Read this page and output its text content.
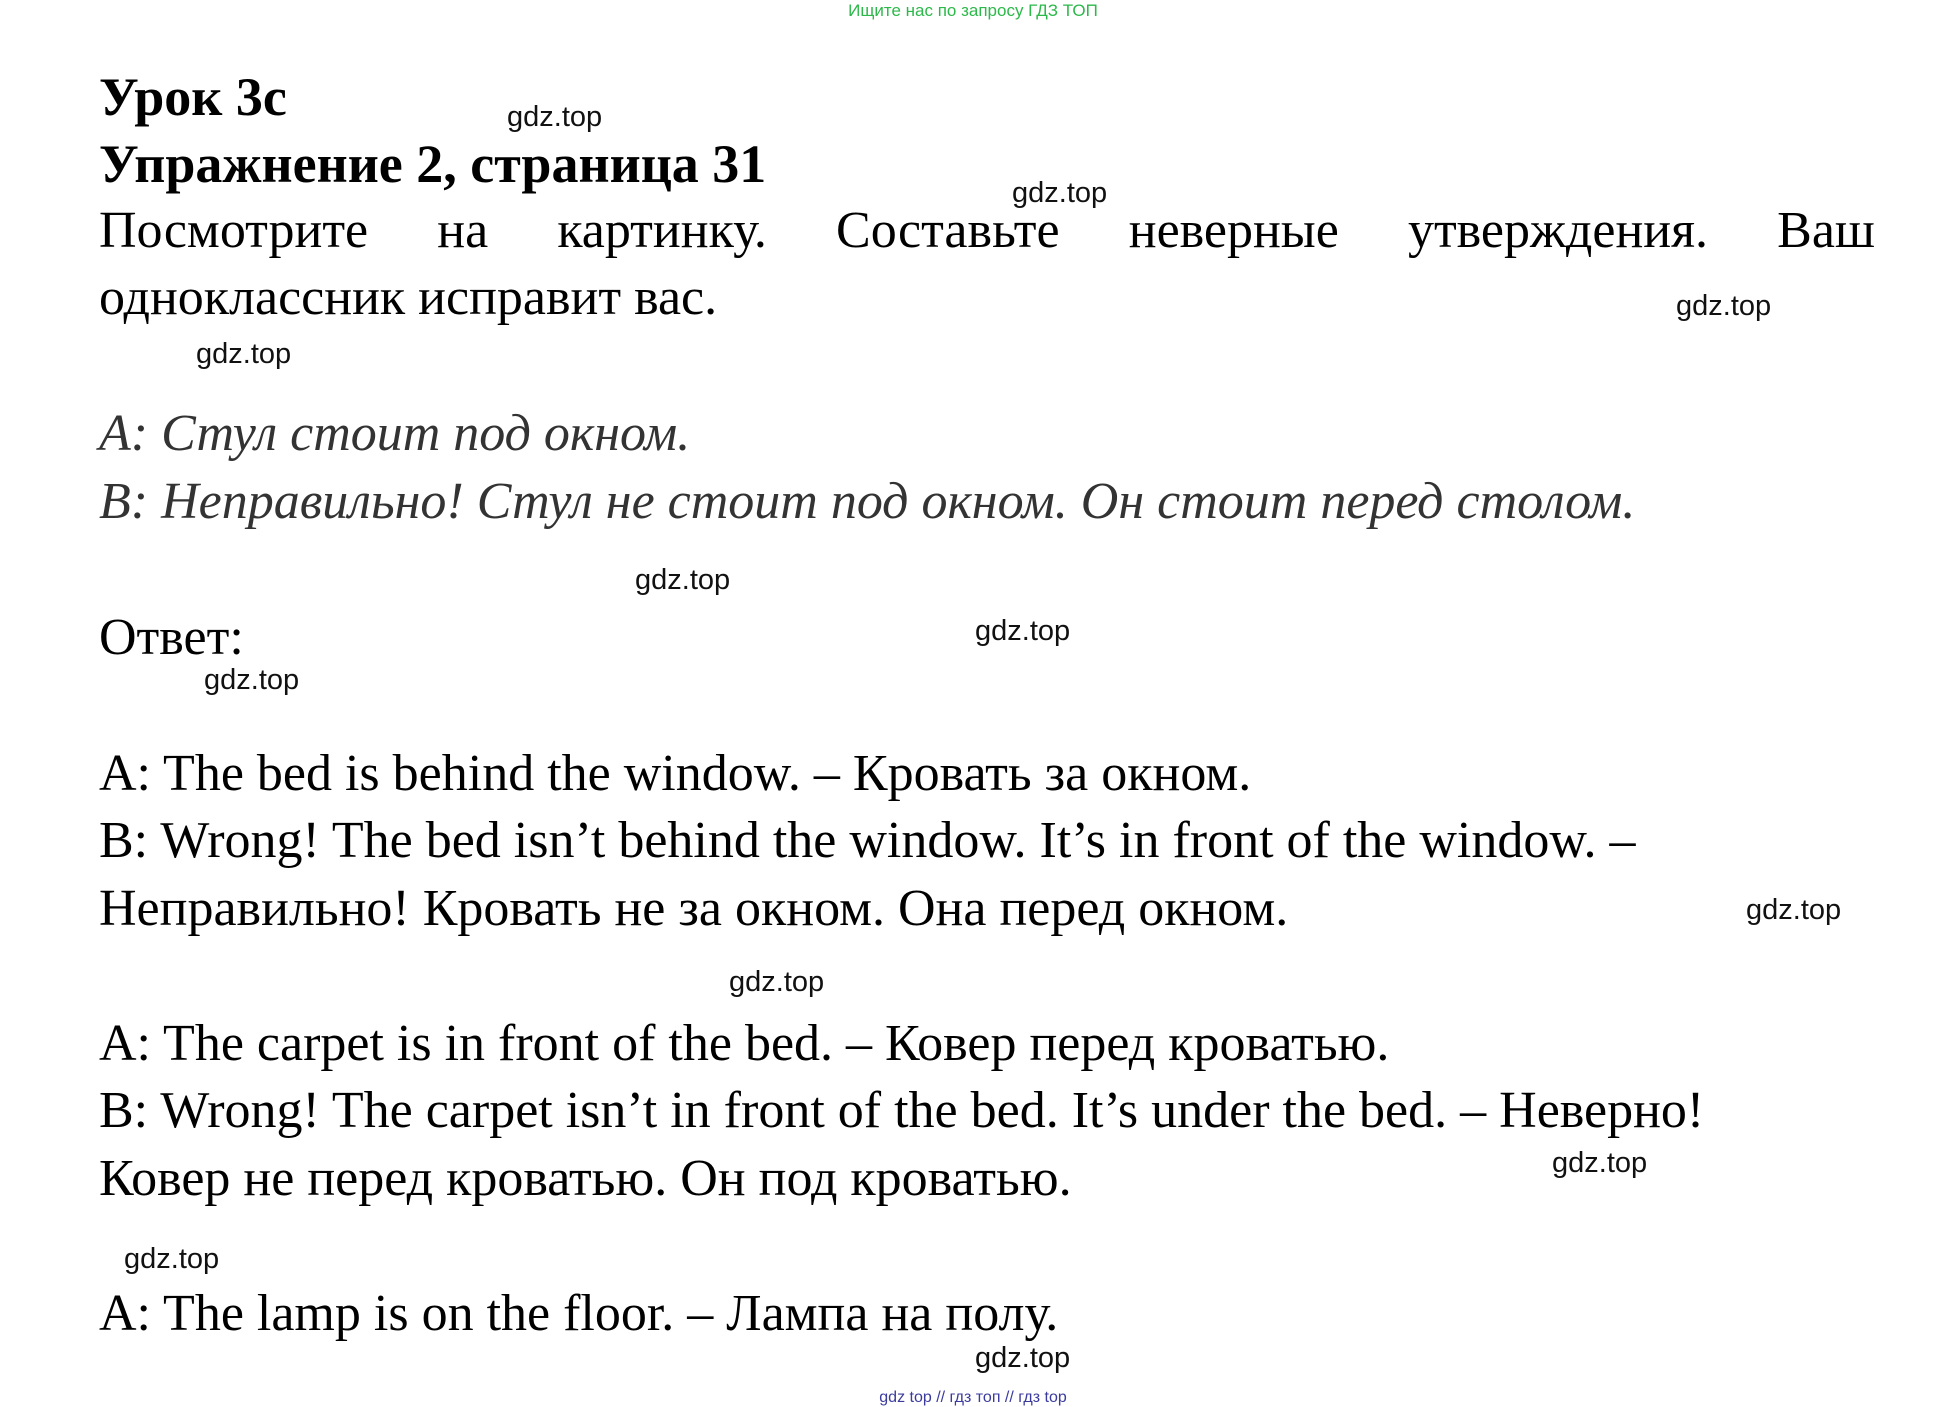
Ищите нас по запросу ГДЗ ТОП
Урок 3c
Упражнение 2, страница 31
Посмотрите на картинку. Составьте неверные утверждения. Ваш
одноклассник исправит вас.
A: Стул стоит под окном.
B: Неправильно! Стул не стоит под окном. Он стоит перед столом.
Ответ:
A: The bed is behind the window. – Кровать за окном.
B: Wrong! The bed isn’t behind the window. It’s in front of the window. –
Неправильно! Кровать не за окном. Она перед окном.
A: The carpet is in front of the bed. – Ковер перед кроватью.
B: Wrong! The carpet isn’t in front of the bed. It’s under the bed. – Неверно!
Ковер не перед кроватью. Он под кроватью.
A: The lamp is on the floor. – Лампа на полу.
gdz.top
gdz.top
gdz.top
gdz.top
gdz.top
gdz.top
gdz.top
gdz.top
gdz.top
gdz.top
gdz.top
gdz.top
gdz top // гдз топ // гдз top
